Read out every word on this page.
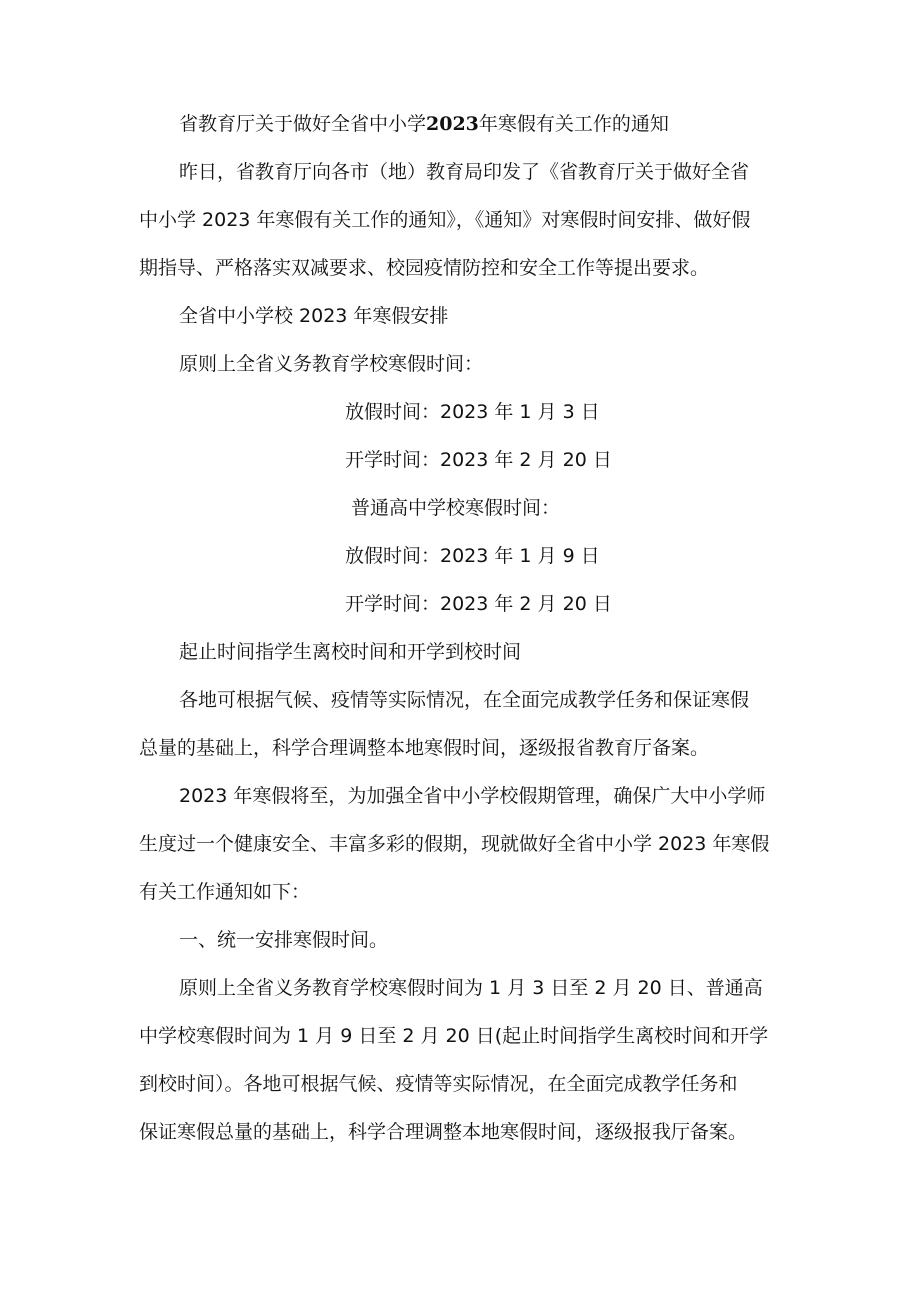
省教育厅关于做好全省中小学2023年寒假有关工作的通知
昨日，省教育厅向各市（地）教育局印发了《省教育厅关于做好全省
中小学 2023 年寒假有关工作的通知》，《通知》对寒假时间安排、做好假
期指导、严格落实双减要求、校园疫情防控和安全工作等提出要求。
全省中小学校 2023 年寒假安排
原则上全省义务教育学校寒假时间：
放假时间：2023 年 1 月 3 日
开学时间：2023 年 2 月 20 日
普通高中学校寒假时间：
放假时间：2023 年 1 月 9 日
开学时间：2023 年 2 月 20 日
起止时间指学生离校时间和开学到校时间
各地可根据气候、疫情等实际情况，在全面完成教学任务和保证寒假
总量的基础上，科学合理调整本地寒假时间，逐级报省教育厅备案。
2023 年寒假将至，为加强全省中小学校假期管理，确保广大中小学师
生度过一个健康安全、丰富多彩的假期，现就做好全省中小学 2023 年寒假
有关工作通知如下：
一、统一安排寒假时间。
原则上全省义务教育学校寒假时间为 1 月 3 日至 2 月 20 日、普通高
中学校寒假时间为 1 月 9 日至 2 月 20 日(起止时间指学生离校时间和开学
到校时间）。各地可根据气候、疫情等实际情况，在全面完成教学任务和
保证寒假总量的基础上，科学合理调整本地寒假时间，逐级报我厅备案。
